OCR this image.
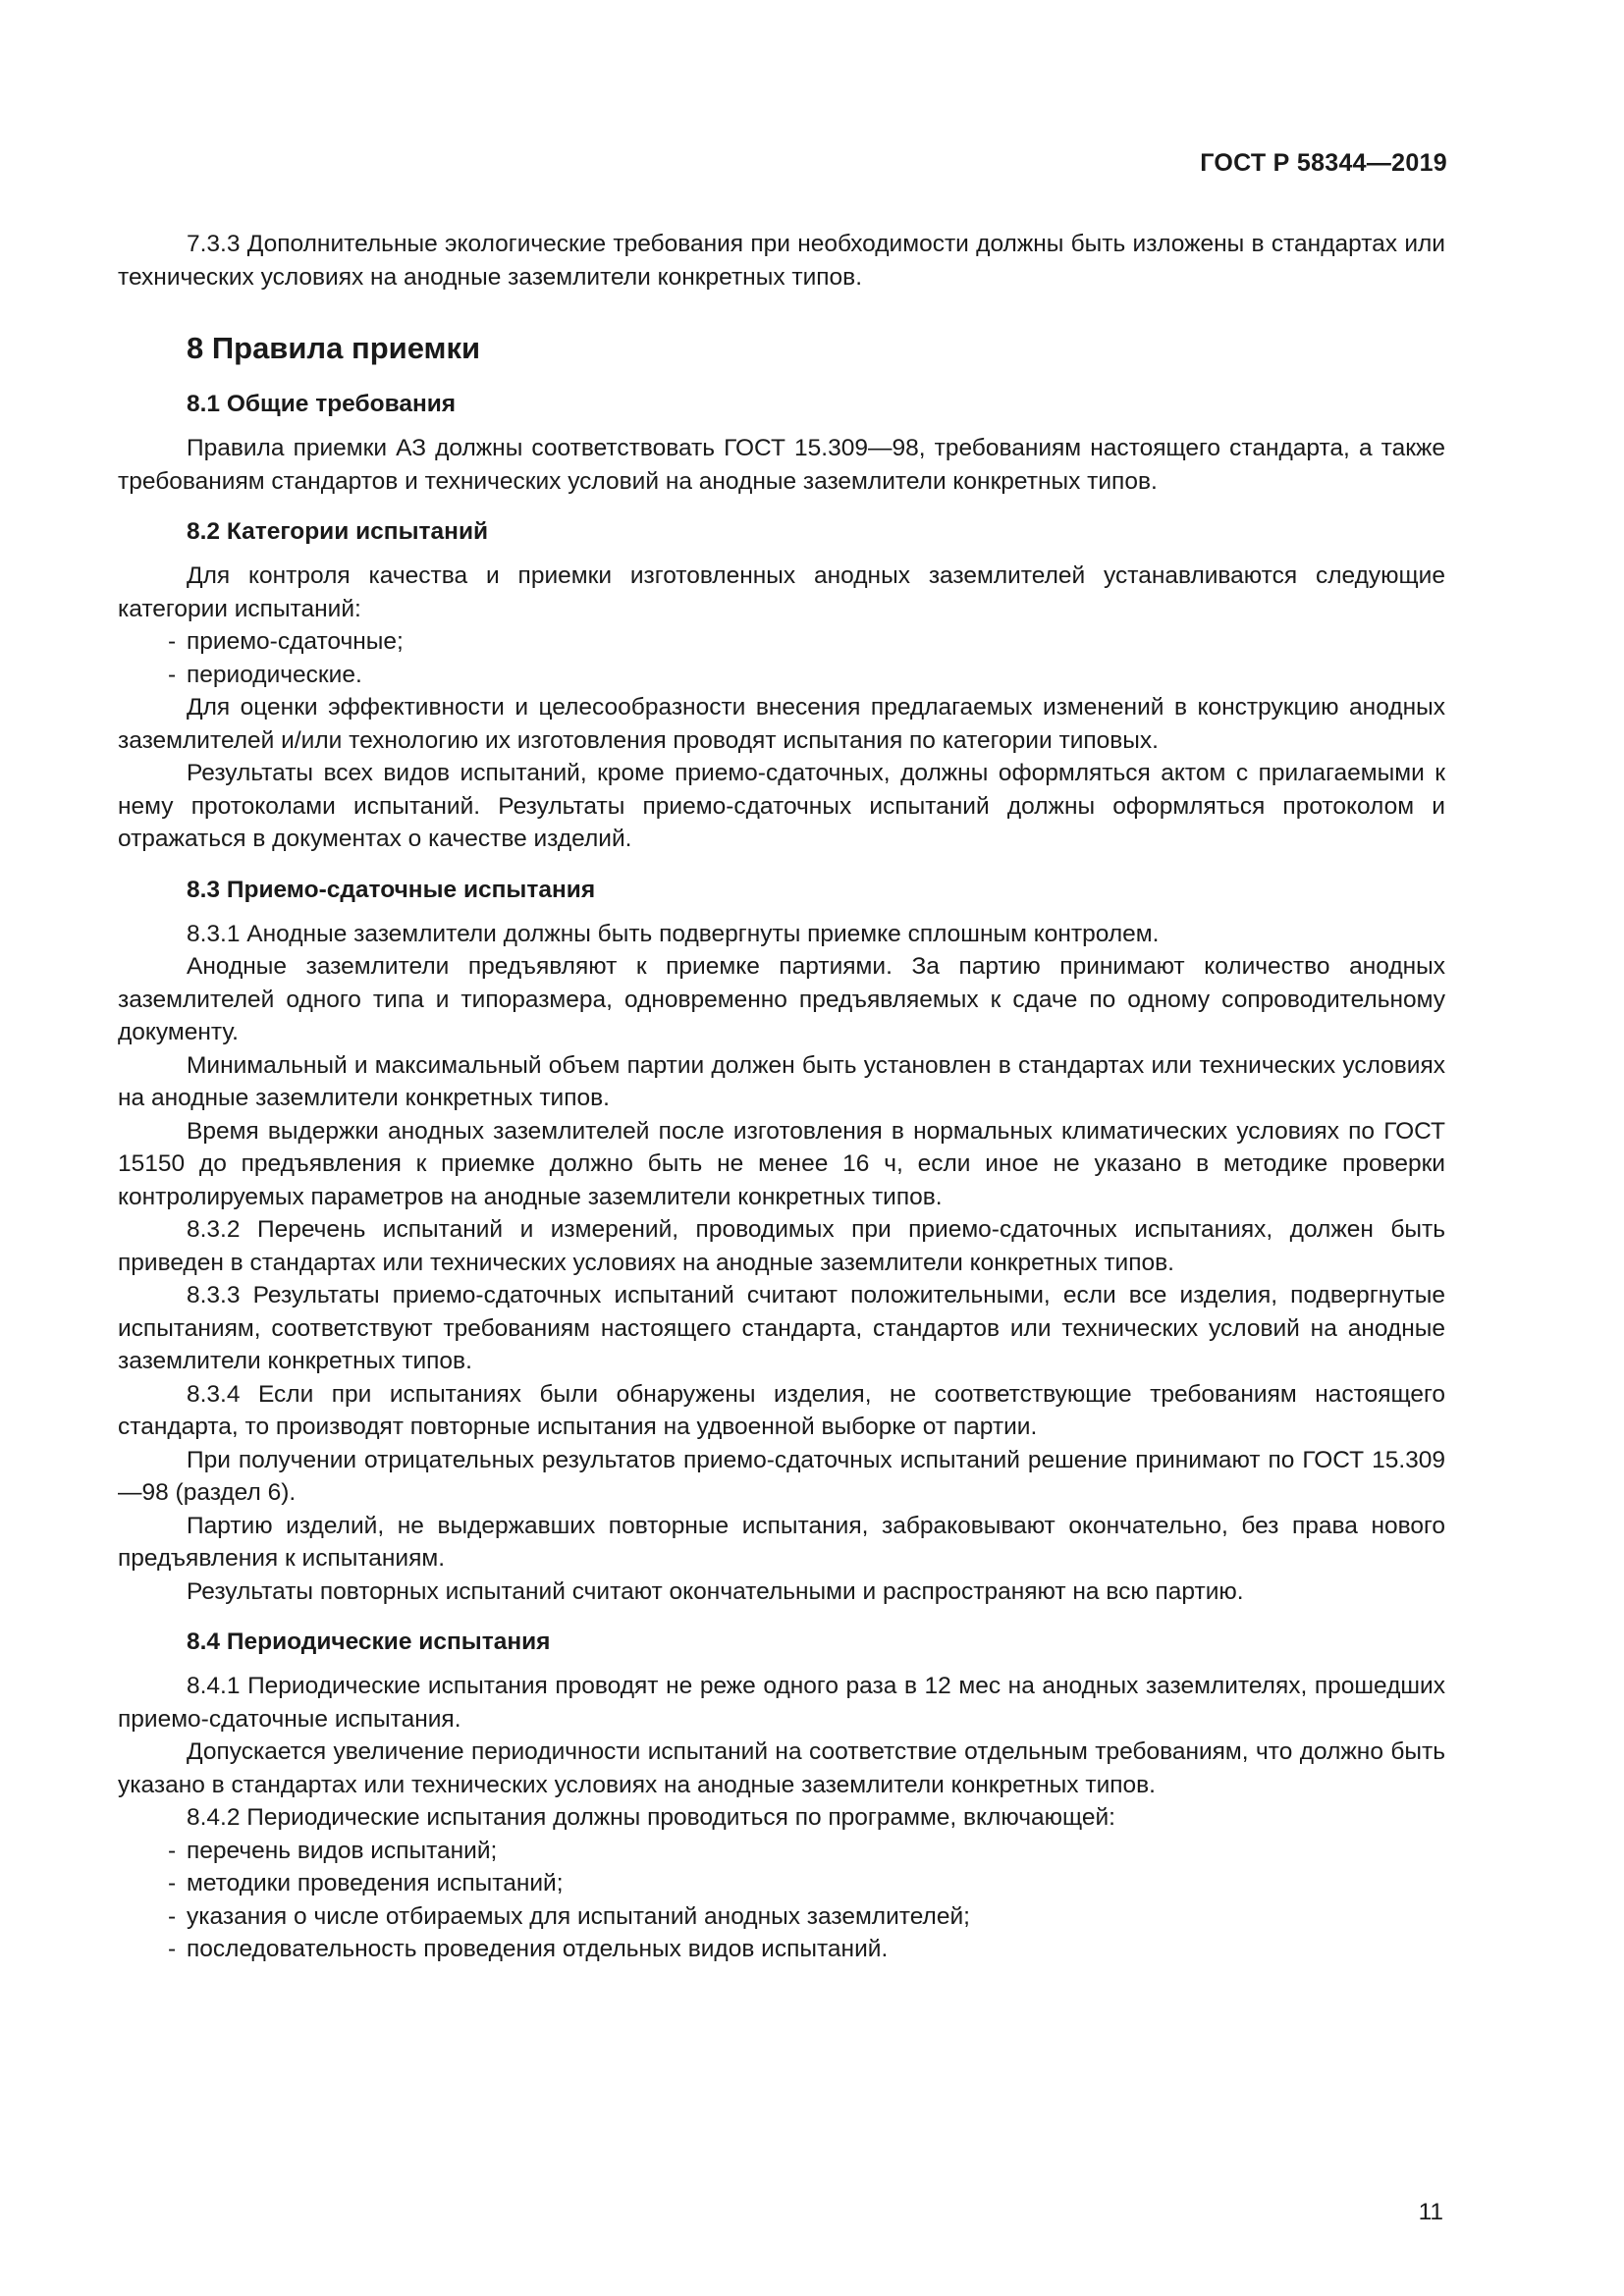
ГОСТ Р 58344—2019
7.3.3 Дополнительные экологические требования при необходимости должны быть изложены в стандартах или технических условиях на анодные заземлители конкретных типов.
8 Правила приемки
8.1 Общие требования
Правила приемки АЗ должны соответствовать ГОСТ 15.309—98, требованиям настоящего стандарта, а также требованиям стандартов и технических условий на анодные заземлители конкретных типов.
8.2 Категории испытаний
Для контроля качества и приемки изготовленных анодных заземлителей устанавливаются следующие категории испытаний:
- приемо-сдаточные;
- периодические.
Для оценки эффективности и целесообразности внесения предлагаемых изменений в конструкцию анодных заземлителей и/или технологию их изготовления проводят испытания по категории типовых.
Результаты всех видов испытаний, кроме приемо-сдаточных, должны оформляться актом с прилагаемыми к нему протоколами испытаний. Результаты приемо-сдаточных испытаний должны оформляться протоколом и отражаться в документах о качестве изделий.
8.3 Приемо-сдаточные испытания
8.3.1 Анодные заземлители должны быть подвергнуты приемке сплошным контролем.
Анодные заземлители предъявляют к приемке партиями. За партию принимают количество анодных заземлителей одного типа и типоразмера, одновременно предъявляемых к сдаче по одному сопроводительному документу.
Минимальный и максимальный объем партии должен быть установлен в стандартах или технических условиях на анодные заземлители конкретных типов.
Время выдержки анодных заземлителей после изготовления в нормальных климатических условиях по ГОСТ 15150 до предъявления к приемке должно быть не менее 16 ч, если иное не указано в методике проверки контролируемых параметров на анодные заземлители конкретных типов.
8.3.2 Перечень испытаний и измерений, проводимых при приемо-сдаточных испытаниях, должен быть приведен в стандартах или технических условиях на анодные заземлители конкретных типов.
8.3.3 Результаты приемо-сдаточных испытаний считают положительными, если все изделия, подвергнутые испытаниям, соответствуют требованиям настоящего стандарта, стандартов или технических условий на анодные заземлители конкретных типов.
8.3.4 Если при испытаниях были обнаружены изделия, не соответствующие требованиям настоящего стандарта, то производят повторные испытания на удвоенной выборке от партии.
При получении отрицательных результатов приемо-сдаточных испытаний решение принимают по ГОСТ 15.309—98 (раздел 6).
Партию изделий, не выдержавших повторные испытания, забраковывают окончательно, без права нового предъявления к испытаниям.
Результаты повторных испытаний считают окончательными и распространяют на всю партию.
8.4 Периодические испытания
8.4.1 Периодические испытания проводят не реже одного раза в 12 мес на анодных заземлителях, прошедших приемо-сдаточные испытания.
Допускается увеличение периодичности испытаний на соответствие отдельным требованиям, что должно быть указано в стандартах или технических условиях на анодные заземлители конкретных типов.
8.4.2 Периодические испытания должны проводиться по программе, включающей:
- перечень видов испытаний;
- методики проведения испытаний;
- указания о числе отбираемых для испытаний анодных заземлителей;
- последовательность проведения отдельных видов испытаний.
11
